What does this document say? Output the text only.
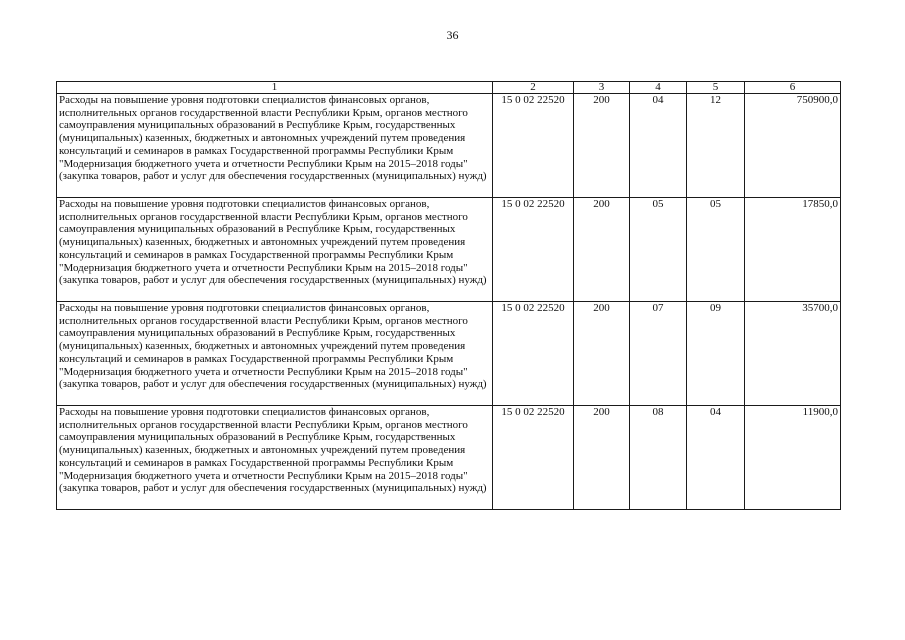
36
1	2	3	4	5	6
Расходы на повышение уровня подготовки специалистов финансовых органов, исполнительных органов государственной власти Республики Крым, органов местного самоуправления муниципальных образований в Республике Крым, государственных (муниципальных) казенных, бюджетных и автономных учреждений путем проведения консультаций и семинаров в рамках Государственной программы Республики Крым "Модернизация бюджетного учета и отчетности Республики Крым на 2015–2018 годы" (закупка товаров, работ и услуг для обеспечения государственных (муниципальных) нужд)	15 0 02 22520	200	04	12	750900,0
Расходы на повышение уровня подготовки специалистов финансовых органов, исполнительных органов государственной власти Республики Крым, органов местного самоуправления муниципальных образований в Республике Крым, государственных (муниципальных) казенных, бюджетных и автономных учреждений путем проведения консультаций и семинаров в рамках Государственной программы Республики Крым "Модернизация бюджетного учета и отчетности Республики Крым на 2015–2018 годы" (закупка товаров, работ и услуг для обеспечения государственных (муниципальных) нужд)	15 0 02 22520	200	05	05	17850,0
Расходы на повышение уровня подготовки специалистов финансовых органов, исполнительных органов государственной власти Республики Крым, органов местного самоуправления муниципальных образований в Республике Крым, государственных (муниципальных) казенных, бюджетных и автономных учреждений путем проведения консультаций и семинаров в рамках Государственной программы Республики Крым "Модернизация бюджетного учета и отчетности Республики Крым на 2015–2018 годы" (закупка товаров, работ и услуг для обеспечения государственных (муниципальных) нужд)	15 0 02 22520	200	07	09	35700,0
Расходы на повышение уровня подготовки специалистов финансовых органов, исполнительных органов государственной власти Республики Крым, органов местного самоуправления муниципальных образований в Республике Крым, государственных (муниципальных) казенных, бюджетных и автономных учреждений путем проведения консультаций и семинаров в рамках Государственной программы Республики Крым "Модернизация бюджетного учета и отчетности Республики Крым на 2015–2018 годы" (закупка товаров, работ и услуг для обеспечения государственных (муниципальных) нужд)	15 0 02 22520	200	08	04	11900,0
